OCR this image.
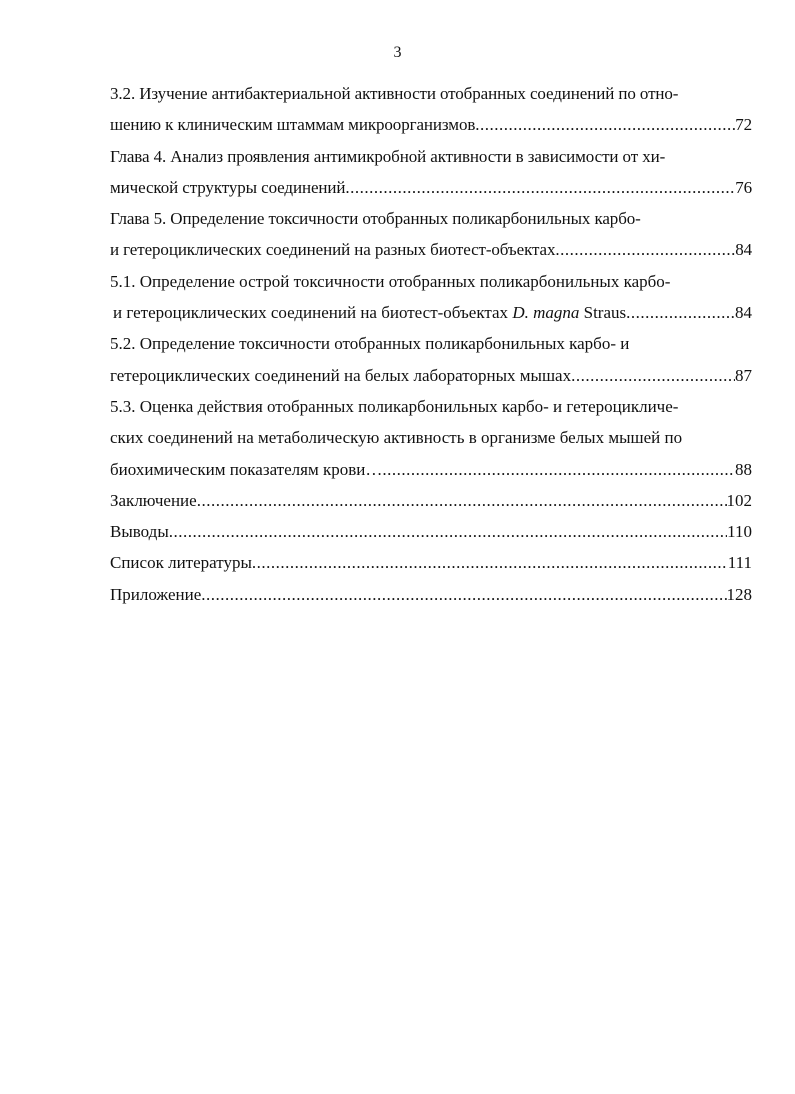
3
3.2. Изучение антибактериальной активности отобранных соединений по отно-
шению к клиническим штаммам микроорганизмов .....	72
Глава 4. Анализ проявления антимикробной активности в зависимости от хи-
мической структуры соединений .....	76
Глава 5. Определение токсичности отобранных поликарбонильных карбо-
и гетероциклических соединений на разных биотест-объектах .....	84
5.1. Определение острой токсичности отобранных поликарбонильных карбо-
и гетероциклических соединений на биотест-объектах D. magna Straus .....	84
5.2. Определение токсичности отобранных поликарбонильных карбо- и
гетероциклических соединений на белых лабораторных мышах .....	87
5.3. Оценка действия отобранных поликарбонильных карбо- и гетероцикличе-
ских соединений на метаболическую активность в организме белых мышей по
биохимическим показателям крови… .....	88
Заключение .....	102
Выводы .....	110
Список литературы .....	111
Приложение .....	128
